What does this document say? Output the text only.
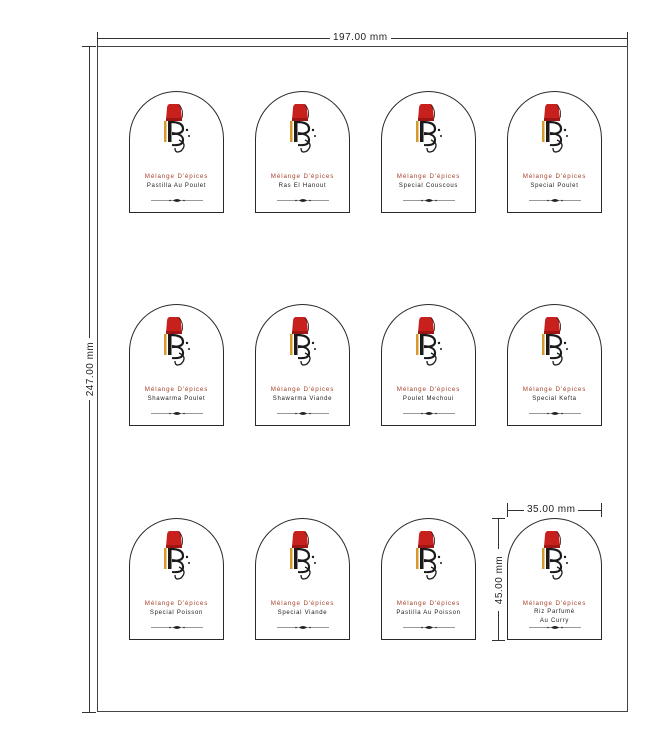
197.00 mm
247.00 mm
35.00 mm
45.00 mm
Mélange D'épices
Pastilla Au Poulet
Mélange D'épices
Ras El Hanout
Mélange D'épices
Special Couscous
Mélange D'épices
Special Poulet
Mélange D'épices
Shawarma Poulet
Mélange D'épices
Shawarma Viande
Mélange D'épices
Poulet Mechoui
Mélange D'épices
Special Kefta
Mélange D'épices
Special Poisson
Mélange D'épices
Special Viande
Mélange D'épices
Pastilla Au Poisson
Mélange D'épices
Riz Parfumé
Au Curry
